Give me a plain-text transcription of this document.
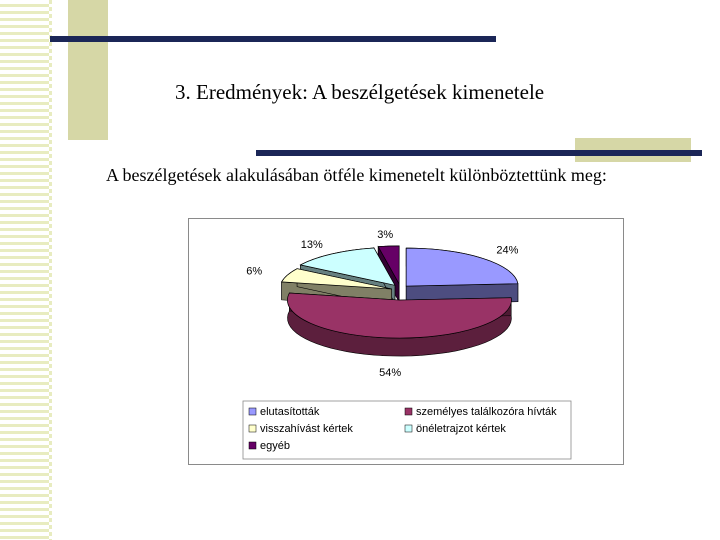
3. Eredmények: A beszélgetések kimenetele
A beszélgetések alakulásában ötféle kimenetelt különböztettünk meg:
24%
54%
6%
13%
3%
elutasították	személyes találkozóra hívták
visszahívást kértek	önéletrajzot kértek
egyéb
